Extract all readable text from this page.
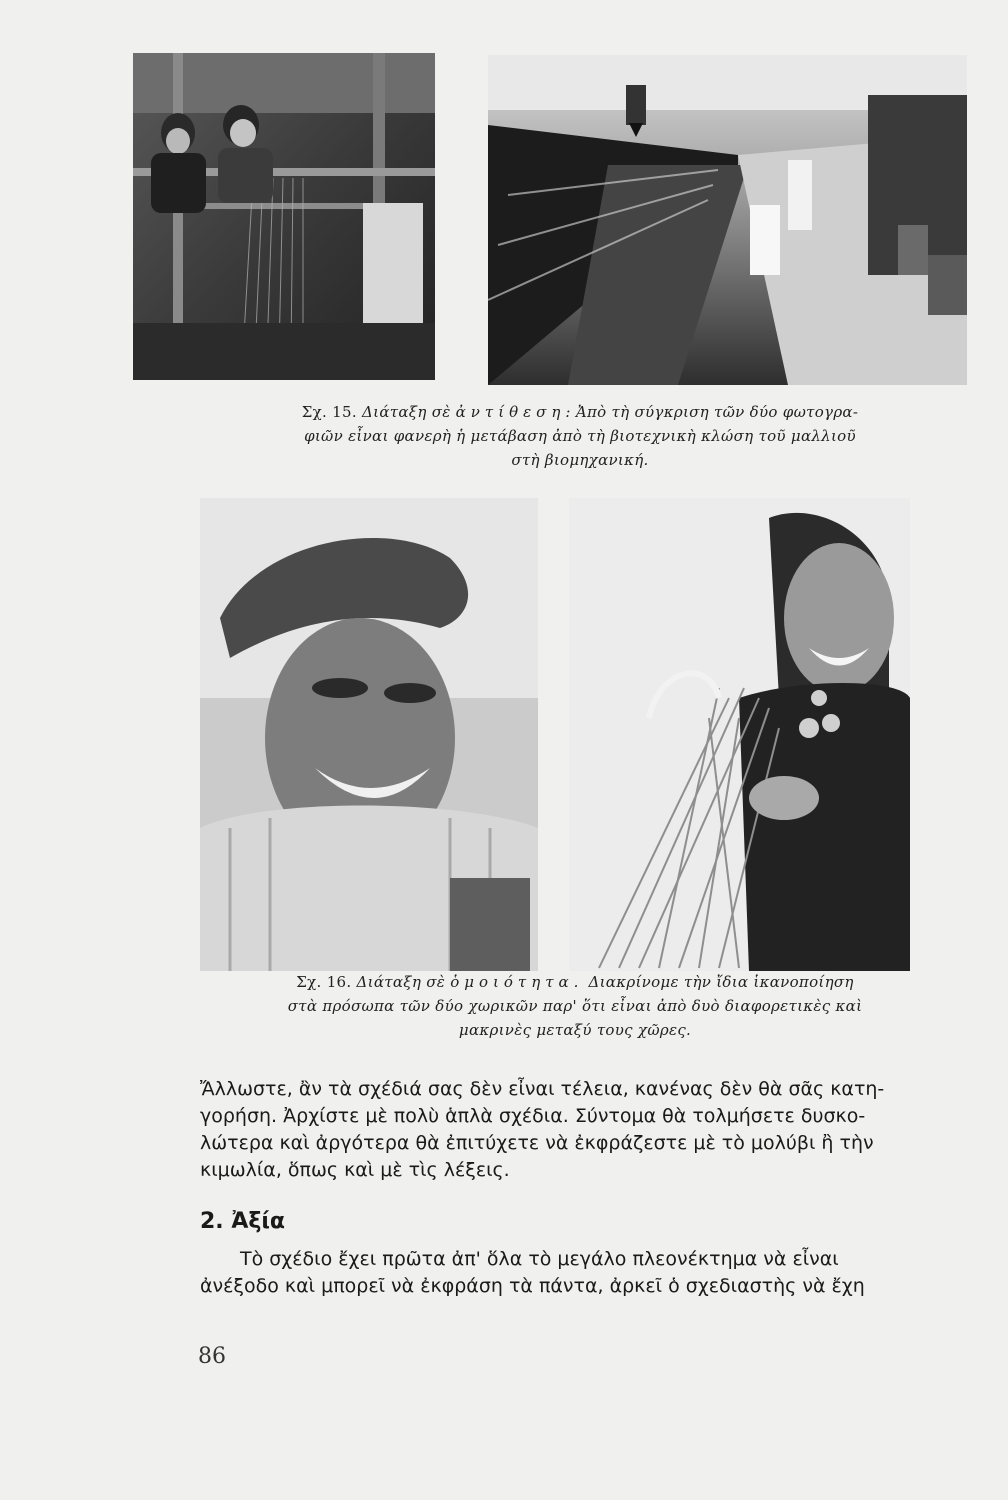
Σχ. 15. Διάταξη σὲ ἀντίθεση: Ἀπὸ τὴ σύγκριση τῶν δύο φωτογρα-
φιῶν εἶναι φανερὴ ἡ μετάβαση ἀπὸ τὴ βιοτεχνικὴ κλώση τοῦ μαλλιοῦ
στὴ βιομηχανική.
Σχ. 16. Διάταξη σὲ ὁμοιότητα. Διακρίνομε τὴν ἴδια ἱκανοποίηση
στὰ πρόσωπα τῶν δύο χωρικῶν παρ' ὅτι εἶναι ἀπὸ δυὸ διαφορετικὲς καὶ
μακρινὲς μεταξύ τους χῶρες.
Ἄλλωστε, ἂν τὰ σχέδιά σας δὲν εἶναι τέλεια, κανένας δὲν θὰ σᾶς κατη-
γορήση. Ἀρχίστε μὲ πολὺ ἁπλὰ σχέδια. Σύντομα θὰ τολμήσετε δυσκο-
λώτερα καὶ ἀργότερα θὰ ἐπιτύχετε νὰ ἐκφράζεστε μὲ τὸ μολύβι ἢ τὴν
κιμωλία, ὅπως καὶ μὲ τὶς λέξεις.
2. Ἀξία
Τὸ σχέδιο ἔχει πρῶτα ἀπ' ὅλα τὸ μεγάλο πλεονέκτημα νὰ εἶναι
ἀνέξοδο καὶ μπορεῖ νὰ ἐκφράση τὰ πάντα, ἀρκεῖ ὁ σχεδιαστὴς νὰ ἔχη
86
